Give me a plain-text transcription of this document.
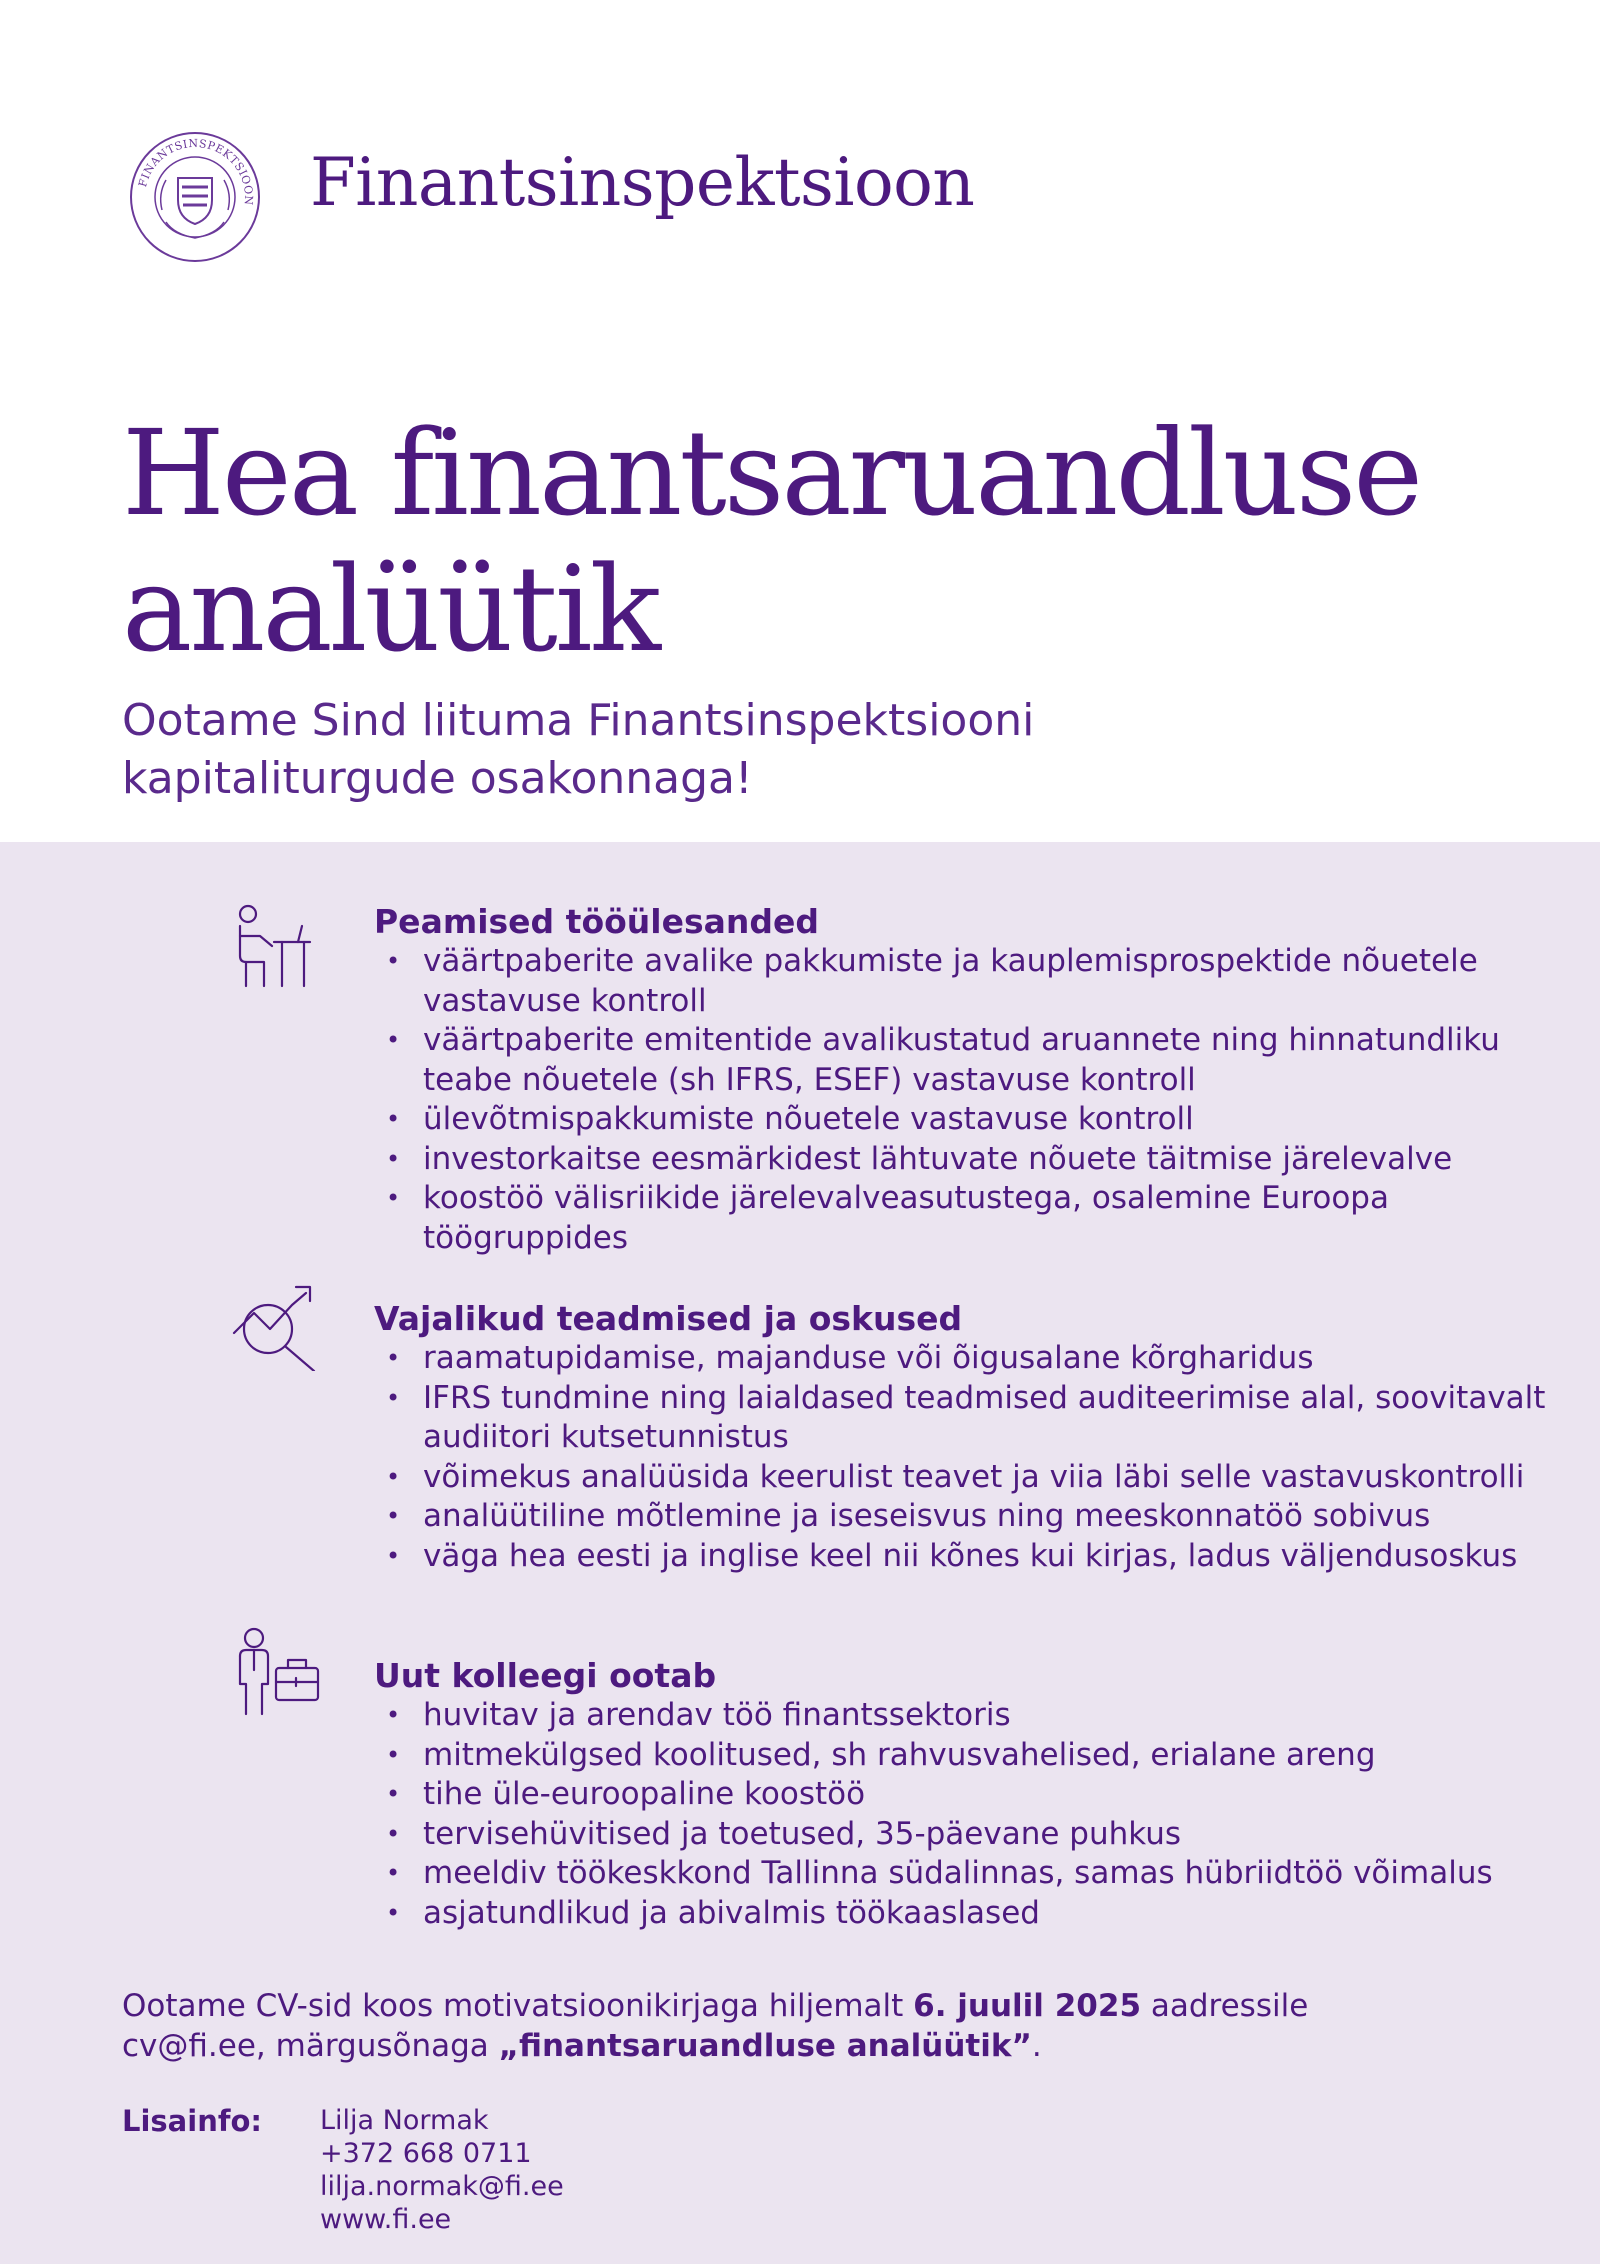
FINANTSINSPEKTSIOON Finantsinspektsioon
Hea finantsaruandluse
analüütik
Ootame Sind liituma Finantsinspektsiooni
kapitaliturgude osakonnaga!
Peamised tööülesanded
• väärtpaberite avalike pakkumiste ja kauplemisprospektide nõuetele vastavuse kontroll
• väärtpaberite emitentide avalikustatud aruannete ning hinnatundliku teabe nõuetele (sh IFRS, ESEF) vastavuse kontroll
• ülevõtmispakkumiste nõuetele vastavuse kontroll
• investorkaitse eesmärkidest lähtuvate nõuete täitmise järelevalve
• koostöö välisriikide järelevalveasutustega, osalemine Euroopa töögruppides
Vajalikud teadmised ja oskused
• raamatupidamise, majanduse või õigusalane kõrgharidus
• IFRS tundmine ning laialdased teadmised auditeerimise alal, soovitavalt audiitori kutsetunnistus
• võimekus analüüsida keerulist teavet ja viia läbi selle vastavuskontrolli
• analüütiline mõtlemine ja iseseisvus ning meeskonnatöö sobivus
• väga hea eesti ja inglise keel nii kõnes kui kirjas, ladus väljendusoskus
Uut kolleegi ootab
• huvitav ja arendav töö finantssektoris
• mitmekülgsed koolitused, sh rahvusvahelised, erialane areng
• tihe üle-euroopaline koostöö
• tervisehüvitised ja toetused, 35-päevane puhkus
• meeldiv töökeskkond Tallinna südalinnas, samas hübriidtöö võimalus
• asjatundlikud ja abivalmis töökaaslased
Ootame CV-sid koos motivatsioonikirjaga hiljemalt 6. juulil 2025 aadressile cv@fi.ee, märgusõnaga „finantsaruandluse analüütik”.
Lisainfo: Lilja Normak
+372 668 0711
lilja.normak@fi.ee
www.fi.ee
